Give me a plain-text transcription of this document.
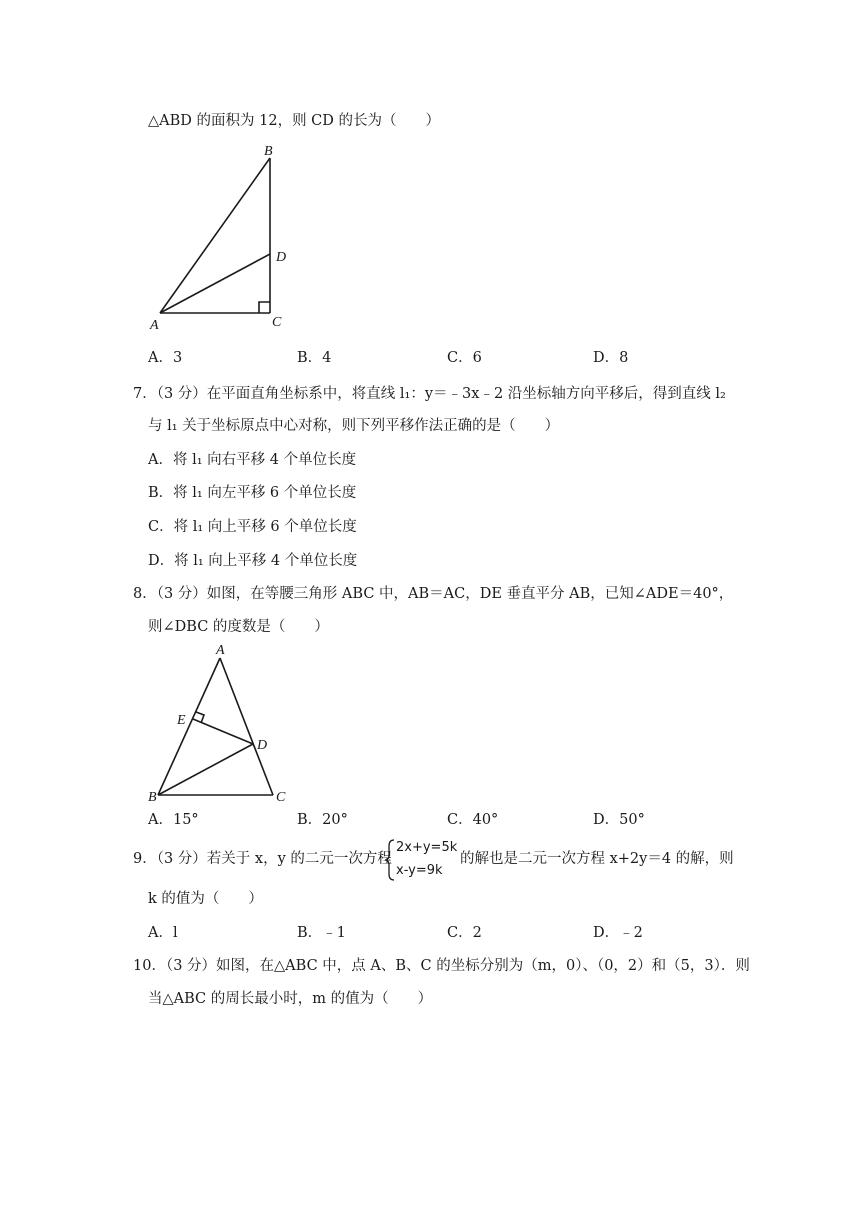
△ABD 的面积为 12，则 CD 的长为（　　）
B
D
A	C
A．3	B．4	C．6	D．8
7．（3 分）在平面直角坐标系中，将直线 l₁：y＝﹣3x﹣2 沿坐标轴方向平移后，得到直线 l₂
与 l₁ 关于坐标原点中心对称，则下列平移作法正确的是（　　）
A．将 l₁ 向右平移 4 个单位长度
B．将 l₁ 向左平移 6 个单位长度
C．将 l₁ 向上平移 6 个单位长度
D．将 l₁ 向上平移 4 个单位长度
8．（3 分）如图，在等腰三角形 ABC 中，AB＝AC，DE 垂直平分 AB，已知∠ADE＝40°，
则∠DBC 的度数是（　　）
A
E
D
B	C
A．15°	B．20°	C．40°	D．50°
9．（3 分）若关于 x，y 的二元一次方程
2x+y=5k
x-y=9k
的解也是二元一次方程 x+2y＝4 的解，则
k 的值为（　　）
A．l	B．﹣1	C．2	D．﹣2
10．（3 分）如图，在△ABC 中，点 A、B、C 的坐标分别为（m，0）、（0，2）和（5，3）．则
当△ABC 的周长最小时，m 的值为（　　）
